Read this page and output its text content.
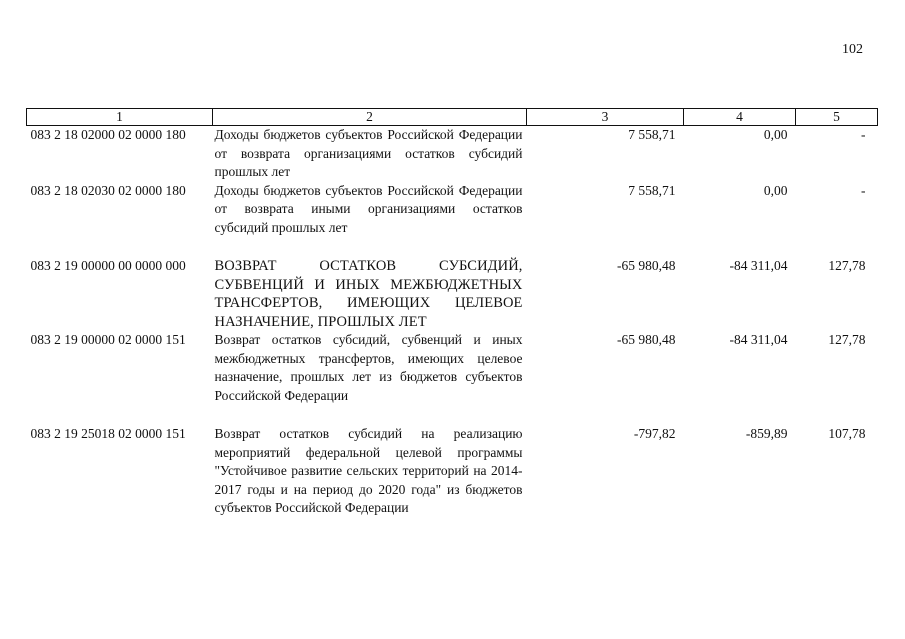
102
1	2	3	4	5
083 2 18 02000 02 0000 180	Доходы бюджетов субъектов Российской Федерации от возврата организациями остатков субсидий прошлых лет	7 558,71	0,00	-
083 2 18 02030 02 0000 180	Доходы бюджетов субъектов Российской Федерации от возврата иными организациями остатков субсидий прошлых лет	7 558,71	0,00	-
083 2 19 00000 00 0000 000	ВОЗВРАТ ОСТАТКОВ СУБСИДИЙ, СУБВЕНЦИЙ И ИНЫХ МЕЖБЮДЖЕТНЫХ ТРАНСФЕРТОВ, ИМЕЮЩИХ ЦЕЛЕВОЕ НАЗНАЧЕНИЕ, ПРОШЛЫХ ЛЕТ	-65 980,48	-84 311,04	127,78
083 2 19 00000 02 0000 151	Возврат остатков субсидий, субвенций и иных межбюджетных трансфертов, имеющих целевое назначение, прошлых лет из бюджетов субъектов Российской Федерации	-65 980,48	-84 311,04	127,78
083 2 19 25018 02 0000 151	Возврат остатков субсидий на реализацию мероприятий федеральной целевой программы "Устойчивое развитие сельских территорий на 2014-2017 годы и на период до 2020 года" из бюджетов субъектов Российской Федерации	-797,82	-859,89	107,78
